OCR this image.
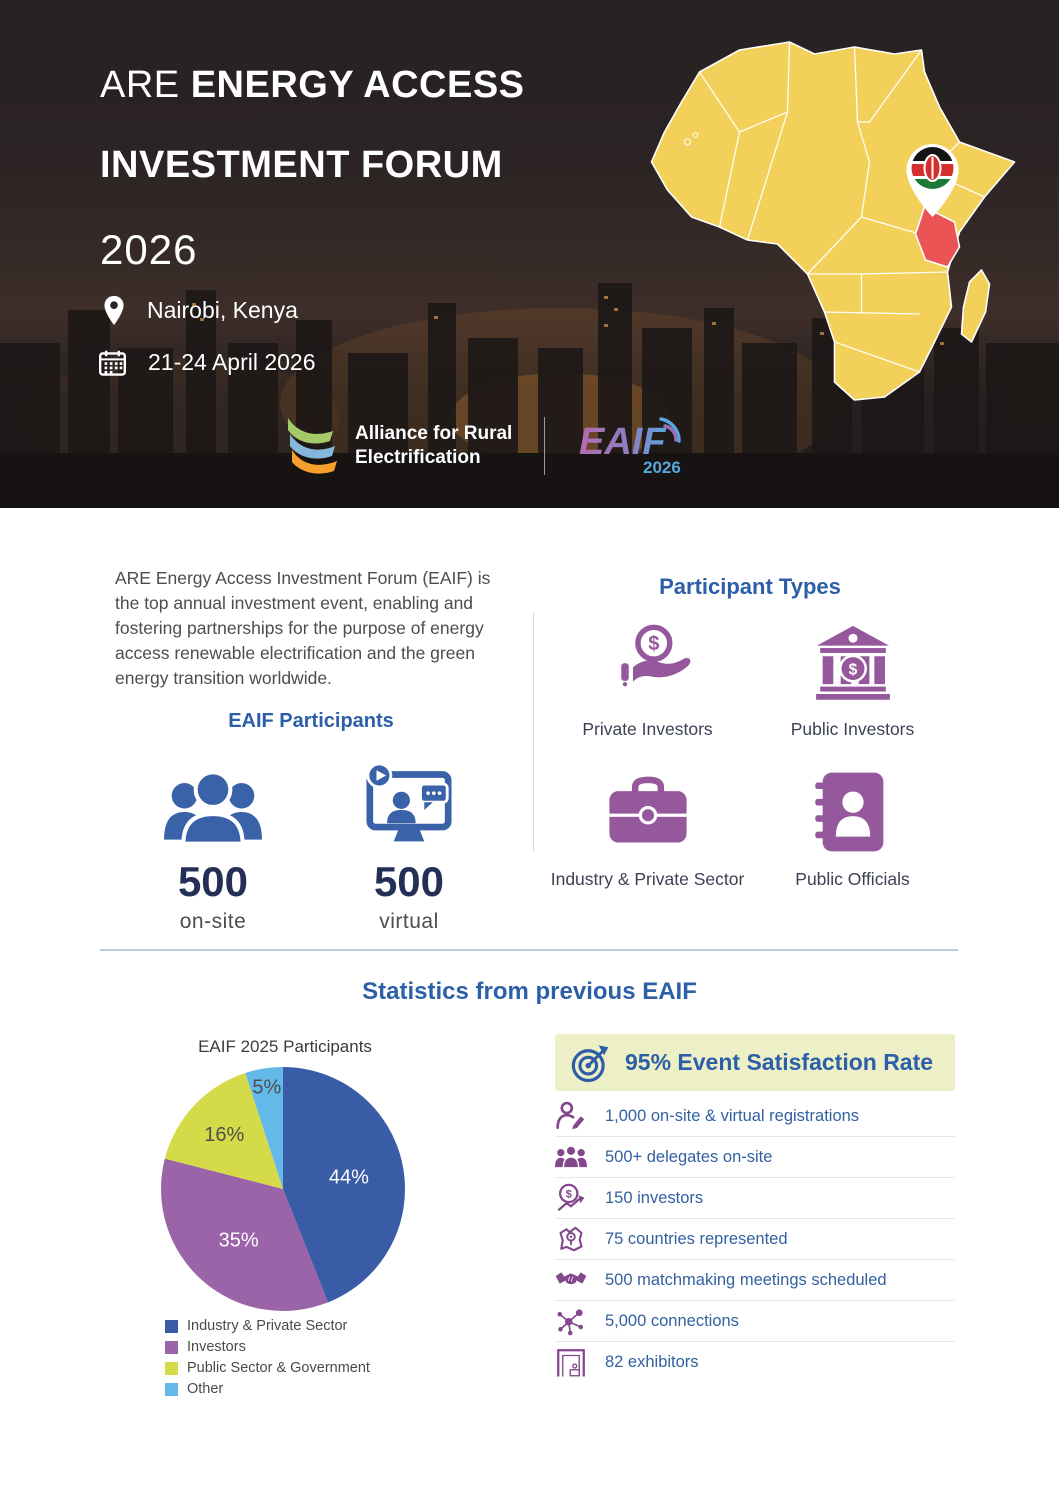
ARE ENERGY ACCESS
INVESTMENT FORUM
2026
Nairobi, Kenya
21-24 April 2026
Alliance for Rural
Electrification	EAIF
2026

ARE Energy Access Investment Forum (EAIF) is the top annual investment event, enabling and fostering partnerships for the purpose of energy access renewable electrification and the green energy transition worldwide.

EAIF Participants
500
on-site
500
virtual
Participant Types
$
Private Investors
$
Public Investors
Industry & Private Sector	Public Officials
Statistics from previous EAIF
EAIF 2025 Participants
44%
35%
16%
5%
Industry & Private Sector
Investors
Public Sector & Government
Other
95% Event Satisfaction Rate
1,000 on-site & virtual registrations
500+ delegates on-site
$ 150 investors
75 countries represented
500 matchmaking meetings scheduled
5,000 connections
82 exhibitors
